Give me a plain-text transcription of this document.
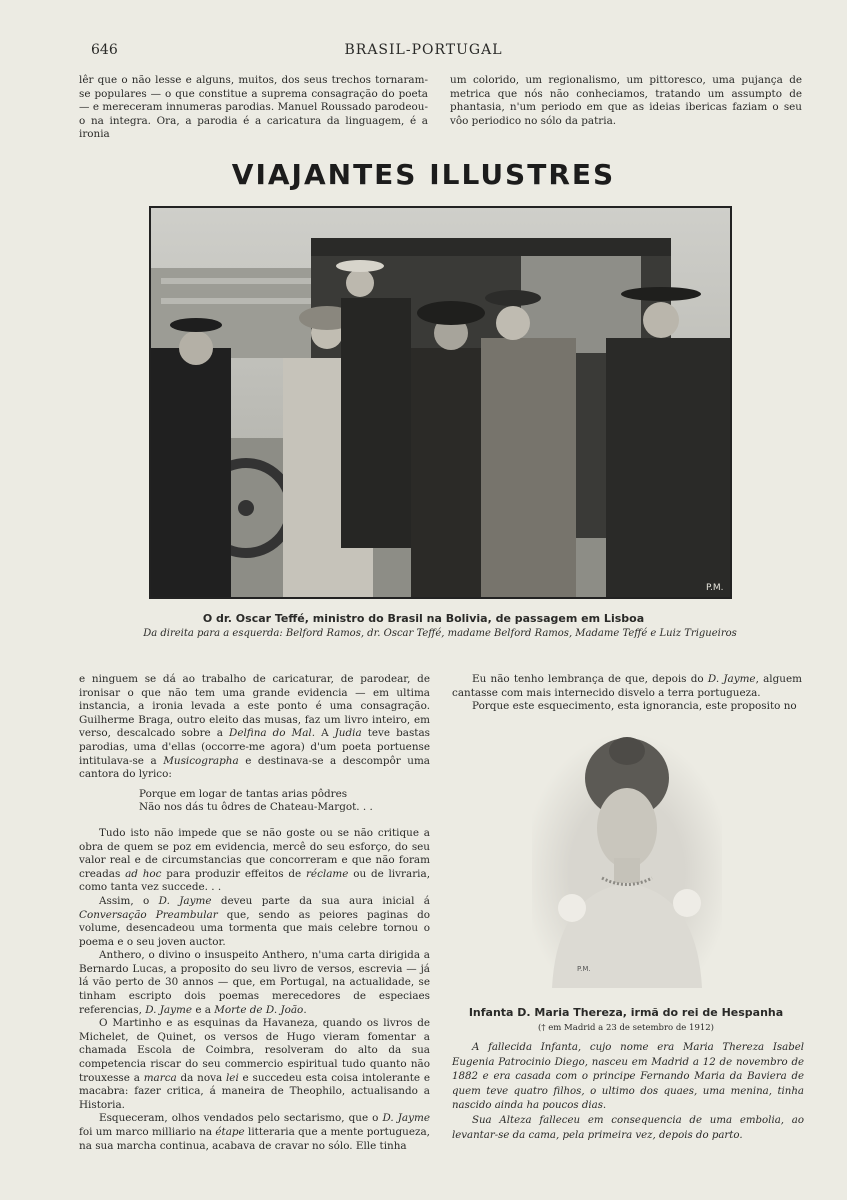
646	BRASIL-PORTUGAL

lêr que o não lesse e alguns, muitos, dos seus trechos tornaram-se populares — o que constitue a suprema consagração do poeta — e mereceram innumeras parodias. Manuel Roussado parodeou-o na integra. Ora, a parodia é a caricatura da linguagem, é a ironia

um colorido, um regionalismo, um pittoresco, uma pujança de metrica que nós não conheciamos, tratando um assumpto de phantasia, n'um periodo em que as ideias ibericas faziam o seu vôo periodico no sólo da patria.

VIAJANTES ILLUSTRES
P.M.
O dr. Oscar Teffé, ministro do Brasil na Bolivia, de passagem em Lisboa
Da direita para a esquerda: Belford Ramos, dr. Oscar Teffé, madame Belford Ramos, Madame Teffé e Luiz Trigueiros

e ninguem se dá ao trabalho de caricaturar, de parodear, de ironisar o que não tem uma grande evidencia — em ultima instancia, a ironia levada a este ponto é uma consagração. Guilherme Braga, outro eleito das musas, faz um livro inteiro, em verso, descalcado sobre a Delfina do Mal. A Judia teve bastas parodias, uma d'ellas (occorre-me agora) d'um poeta portuense intitulava-se a Musicographa e destinava-se a descompôr uma cantora do lyrico:

Porque em logar de tantas arias pôdres
Não nos dás tu ôdres de Chateau-Margot. . .

Tudo isto não impede que se não goste ou se não critique a obra de quem se poz em evidencia, mercê do seu esforço, do seu valor real e de circumstancias que concorreram e que não foram creadas ad hoc para produzir effeitos de réclame ou de livraria, como tanta vez succede. . .

Assim, o D. Jayme deveu parte da sua aura inicial á Conversação Preambular que, sendo as peiores paginas do volume, desencadeou uma tormenta que mais celebre tornou o poema e o seu joven auctor.

Anthero, o divino o insuspeito Anthero, n'uma carta dirigida a Bernardo Lucas, a proposito do seu livro de versos, escrevia — já lá vão perto de 30 annos — que, em Portugal, na actualidade, se tinham escripto dois poemas merecedores de especiaes referencias, D. Jayme e a Morte de D. João.

O Martinho e as esquinas da Havaneza, quando os livros de Michelet, de Quinet, os versos de Hugo vieram fomentar a chamada Escola de Coimbra, resolveram do alto da sua competencia riscar do seu commercio espiritual tudo quanto não trouxesse a marca da nova lei e succedeu esta coisa intolerante e macabra: fazer critica, á maneira de Theophilo, actualisando a Historia.

Esqueceram, olhos vendados pelo sectarismo, que o D. Jayme foi um marco milliario na étape litteraria que a mente portugueza, na sua marcha continua, acabava de cravar no sólo. Elle tinha

Eu não tenho lembrança de que, depois do D. Jayme, alguem cantasse com mais internecido disvelo a terra portugueza.

Porque este esquecimento, esta ignorancia, este proposito no

P.M.
Infanta D. Maria Thereza, irmã do rei de Hespanha
(† em Madrid a 23 de setembro de 1912)

A fallecida Infanta, cujo nome era Maria Thereza Isabel Eugenia Patrocinio Diego, nasceu em Madrid a 12 de novembro de 1882 e era casada com o principe Fernando Maria da Baviera de quem teve quatro filhos, o ultimo dos quaes, uma menina, tinha nascido ainda ha poucos dias.

Sua Alteza falleceu em consequencia de uma embolia, ao levantar-se da cama, pela primeira vez, depois do parto.
